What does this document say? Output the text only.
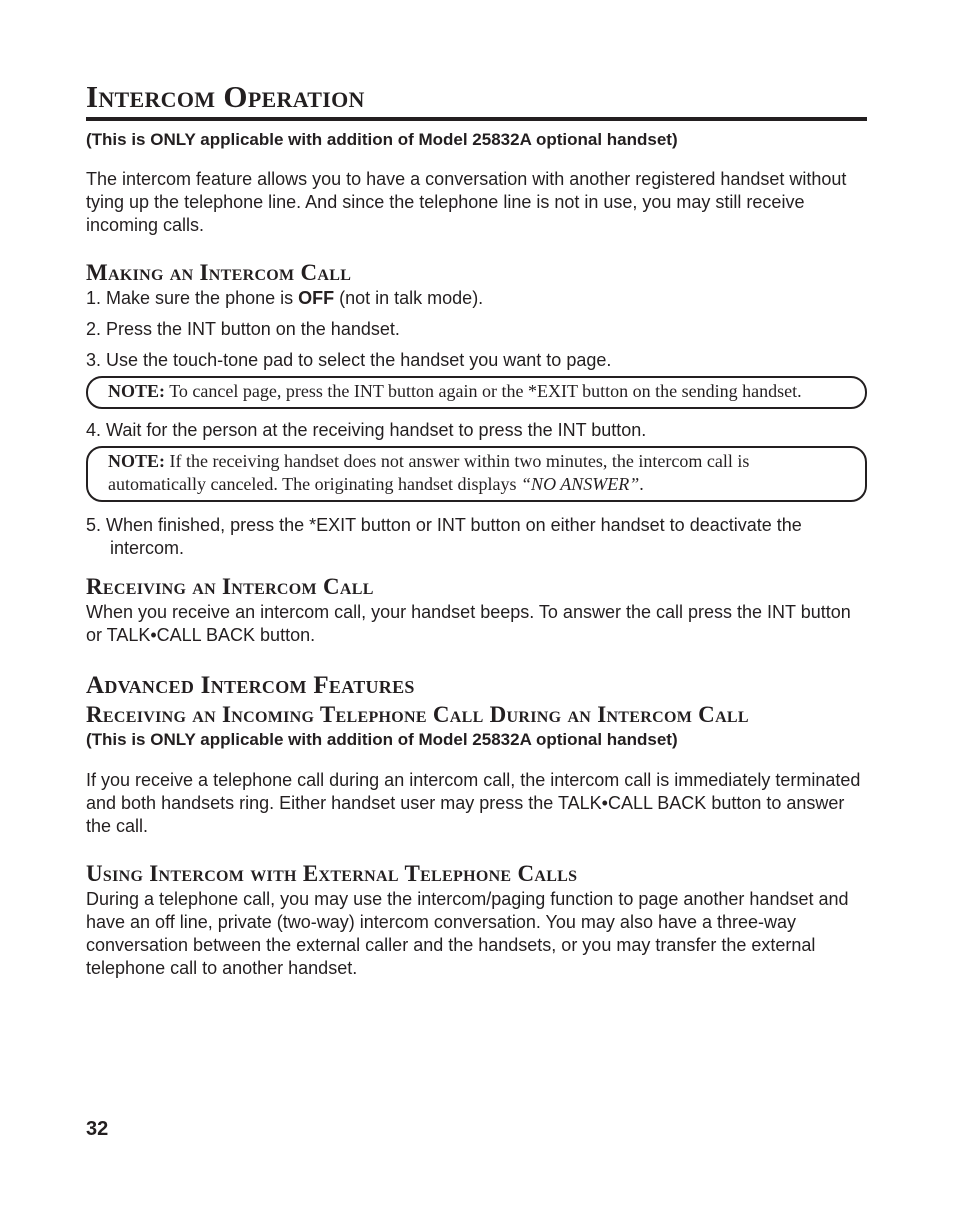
Intercom Operation
(This is ONLY applicable with addition of Model 25832A optional handset)

The intercom feature allows you to have a conversation with another registered handset without tying up the telephone line. And since the telephone line is not in use, you may still receive incoming calls.

Making an Intercom Call
1. Make sure the phone is OFF (not in talk mode).
2. Press the INT button on the handset.
3. Use the touch-tone pad to select the handset you want to page.
NOTE: To cancel page, press the INT button again or the *EXIT button on the sending handset.
4. Wait for the person at the receiving handset to press the INT button.
NOTE: If the receiving handset does not answer within two minutes, the intercom call is automatically canceled. The originating handset displays “NO ANSWER”.
5. When finished, press the *EXIT button or INT button on either handset to deactivate the intercom.
Receiving an Intercom Call

When you receive an intercom call, your handset beeps. To answer the call press the INT button or TALK•CALL BACK button.

Advanced Intercom Features
Receiving an Incoming Telephone Call During an Intercom Call
(This is ONLY applicable with addition of Model 25832A optional handset)

If you receive a telephone call during an intercom call, the intercom call is immediately terminated and both handsets ring. Either handset user may press the TALK•CALL BACK button to answer the call.

Using Intercom with External Telephone Calls

During a telephone call, you may use the intercom/paging function to page another handset and have an off line, private (two-way) intercom conversation. You may also have a three-way conversation between the external caller and the handsets, or you may transfer the external telephone call to another handset.

32
